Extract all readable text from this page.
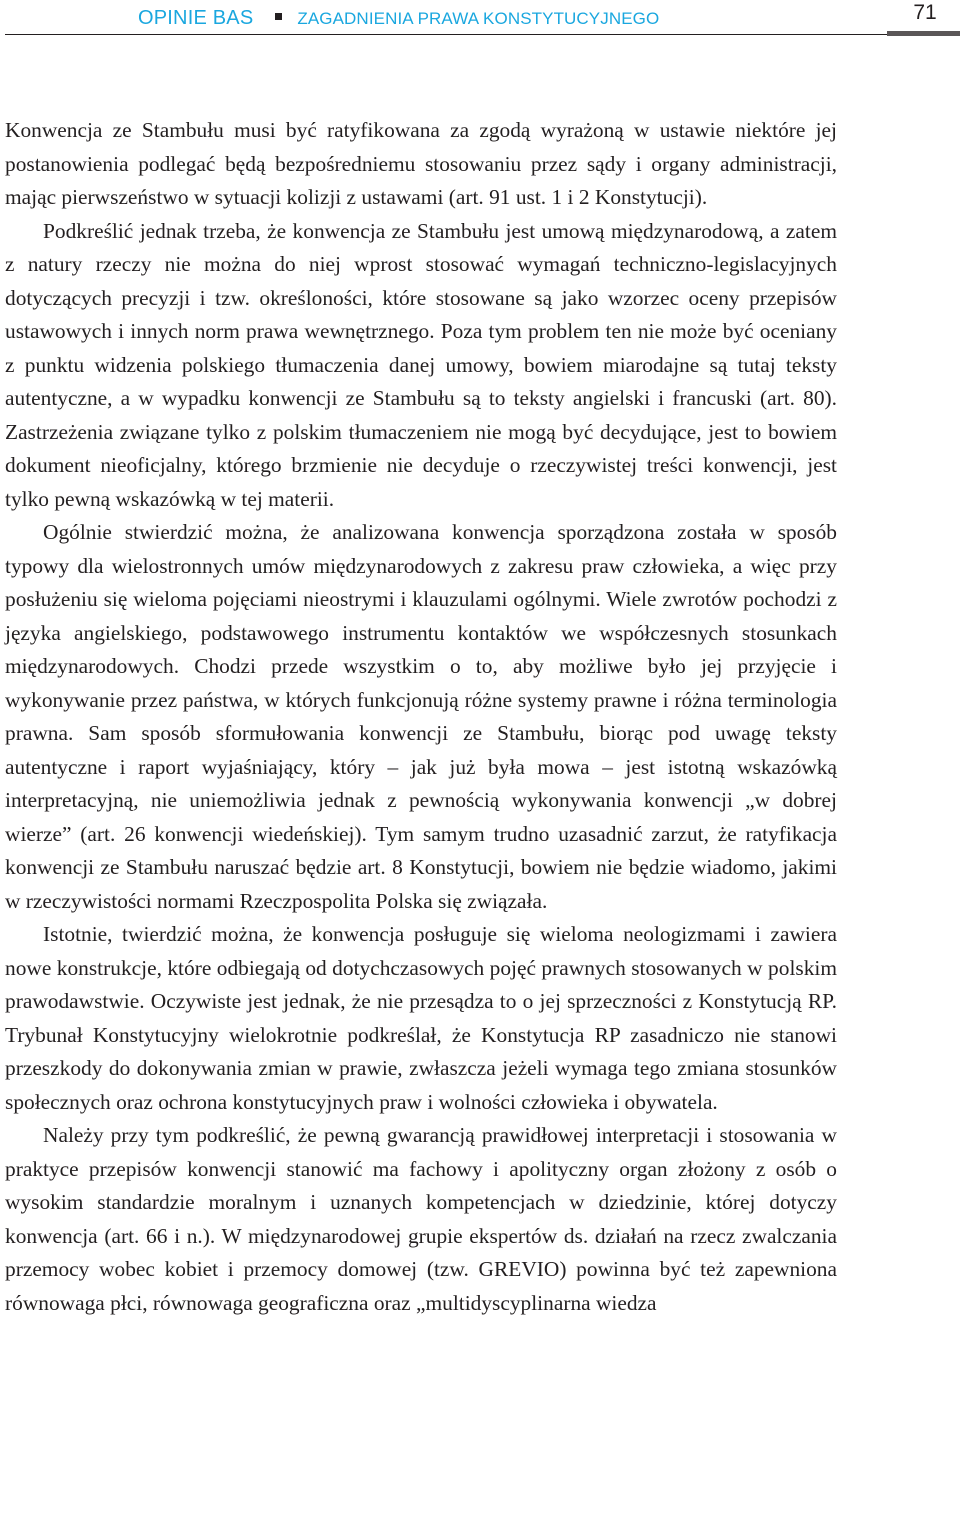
OPINIE BAS	ZAGADNIENIA PRAWA KONSTYTUCYJNEGO	71

Konwencja ze Stambułu musi być ratyfikowana za zgodą wyrażoną w ustawie niektóre jej postanowienia podlegać będą bezpośredniemu stosowaniu przez sądy i organy administracji, mając pierwszeństwo w sytuacji kolizji z ustawami (art. 91 ust. 1 i 2 Konstytucji).

Podkreślić jednak trzeba, że konwencja ze Stambułu jest umową międzynarodową, a zatem z natury rzeczy nie można do niej wprost stosować wymagań techniczno-legislacyjnych dotyczących precyzji i tzw. określoności, które stosowane są jako wzorzec oceny przepisów ustawowych i innych norm prawa wewnętrznego. Poza tym problem ten nie może być oceniany z punktu widzenia polskiego tłumaczenia danej umowy, bowiem miarodajne są tutaj teksty autentyczne, a w wypadku konwencji ze Stambułu są to teksty angielski i francuski (art. 80). Zastrzeżenia związane tylko z polskim tłumaczeniem nie mogą być decydujące, jest to bowiem dokument nieoficjalny, którego brzmienie nie decyduje o rzeczywistej treści konwencji, jest tylko pewną wskazówką w tej materii.

Ogólnie stwierdzić można, że analizowana konwencja sporządzona została w sposób typowy dla wielostronnych umów międzynarodowych z zakresu praw człowieka, a więc przy posłużeniu się wieloma pojęciami nieostrymi i klauzulami ogólnymi. Wiele zwrotów pochodzi z języka angielskiego, podstawowego instrumentu kontaktów we współczesnych stosunkach międzynarodowych. Chodzi przede wszystkim o to, aby możliwe było jej przyjęcie i wykonywanie przez państwa, w których funkcjonują różne systemy prawne i różna terminologia prawna. Sam sposób sformułowania konwencji ze Stambułu, biorąc pod uwagę teksty autentyczne i raport wyjaśniający, który – jak już była mowa – jest istotną wskazówką interpretacyjną, nie uniemożliwia jednak z pewnością wykonywania konwencji „w dobrej wierze” (art. 26 konwencji wiedeńskiej). Tym samym trudno uzasadnić zarzut, że ratyfikacja konwencji ze Stambułu naruszać będzie art. 8 Konstytucji, bowiem nie będzie wiadomo, jakimi w rzeczywistości normami Rzeczpospolita Polska się związała.

Istotnie, twierdzić można, że konwencja posługuje się wieloma neologizmami i zawiera nowe konstrukcje, które odbiegają od dotychczasowych pojęć prawnych stosowanych w polskim prawodawstwie. Oczywiste jest jednak, że nie przesądza to o jej sprzeczności z Konstytucją RP. Trybunał Konstytucyjny wielokrotnie podkreślał, że Konstytucja RP zasadniczo nie stanowi przeszkody do dokonywania zmian w prawie, zwłaszcza jeżeli wymaga tego zmiana stosunków społecznych oraz ochrona konstytucyjnych praw i wolności człowieka i obywatela.

Należy przy tym podkreślić, że pewną gwarancją prawidłowej interpretacji i stosowania w praktyce przepisów konwencji stanowić ma fachowy i apolityczny organ złożony z osób o wysokim standardzie moralnym i uznanych kompetencjach w dziedzinie, której dotyczy konwencja (art. 66 i n.). W międzynarodowej grupie ekspertów ds. działań na rzecz zwalczania przemocy wobec kobiet i przemocy domowej (tzw. GREVIO) powinna być też zapewniona równowaga płci, równowaga geograficzna oraz „multidyscyplinarna wiedza
